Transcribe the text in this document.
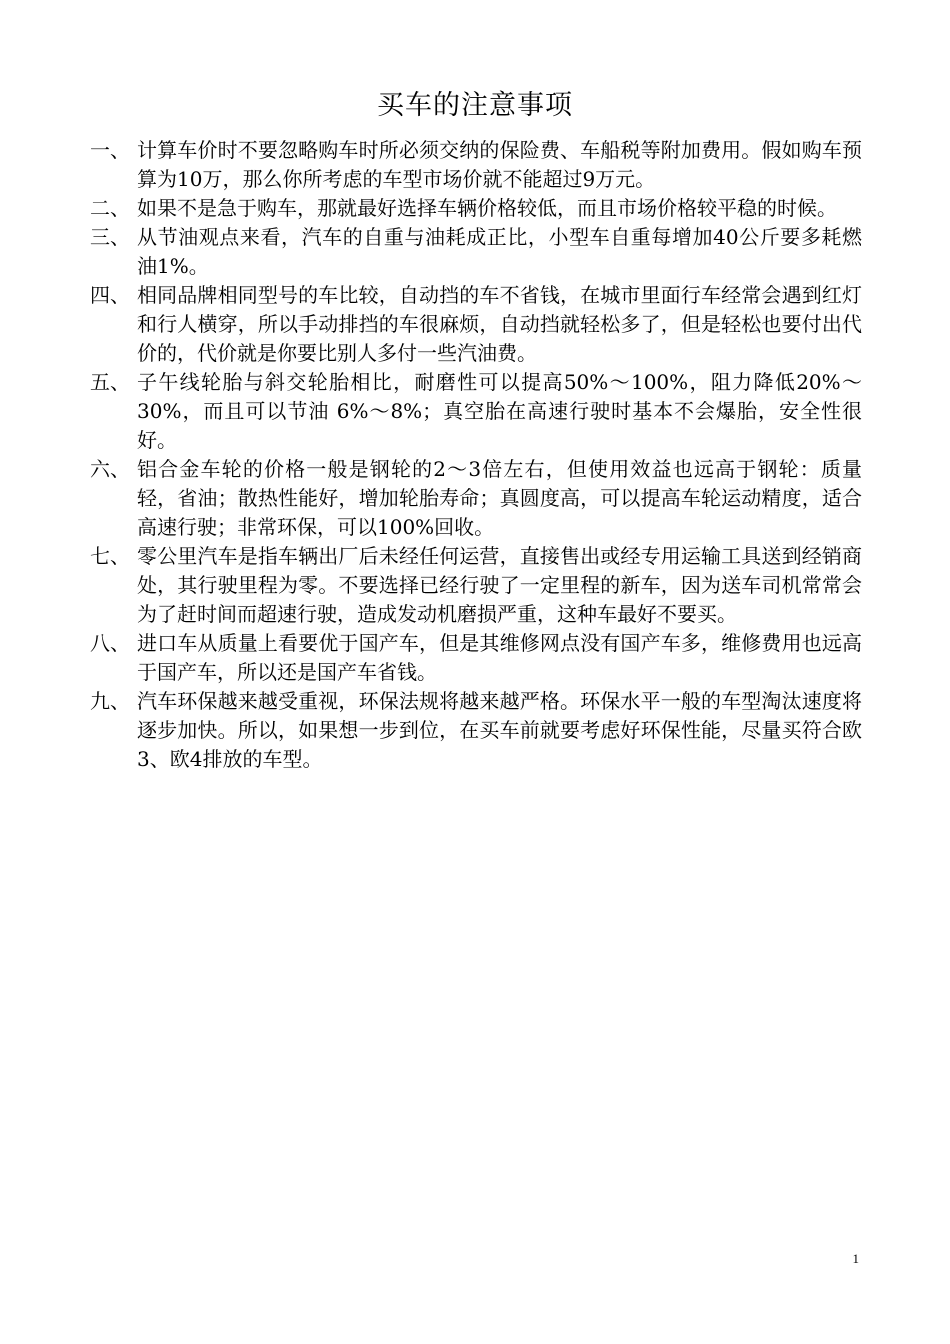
买车的注意事项
一、 计算车价时不要忽略购车时所必须交纳的保险费、车船税等附加费用。假如购车预算为10万，那么你所考虑的车型市场价就不能超过9万元。
二、 如果不是急于购车，那就最好选择车辆价格较低，而且市场价格较平稳的时候。
三、 从节油观点来看，汽车的自重与油耗成正比，小型车自重每增加40公斤要多耗燃油1%。
四、 相同品牌相同型号的车比较，自动挡的车不省钱，在城市里面行车经常会遇到红灯和行人横穿，所以手动排挡的车很麻烦，自动挡就轻松多了，但是轻松也要付出代价的，代价就是你要比别人多付一些汽油费。
五、 子午线轮胎与斜交轮胎相比，耐磨性可以提高50%～100%，阻力降低20%～30%，而且可以节油 6%～8%；真空胎在高速行驶时基本不会爆胎，安全性很好。
六、 铝合金车轮的价格一般是钢轮的2～3倍左右，但使用效益也远高于钢轮：质量轻，省油；散热性能好，增加轮胎寿命；真圆度高，可以提高车轮运动精度，适合高速行驶；非常环保，可以100%回收。
七、 零公里汽车是指车辆出厂后未经任何运营，直接售出或经专用运输工具送到经销商处，其行驶里程为零。不要选择已经行驶了一定里程的新车，因为送车司机常常会为了赶时间而超速行驶，造成发动机磨损严重，这种车最好不要买。
八、 进口车从质量上看要优于国产车，但是其维修网点没有国产车多，维修费用也远高于国产车，所以还是国产车省钱。
九、 汽车环保越来越受重视，环保法规将越来越严格。环保水平一般的车型淘汰速度将逐步加快。所以，如果想一步到位，在买车前就要考虑好环保性能，尽量买符合欧3、欧4排放的车型。
1
